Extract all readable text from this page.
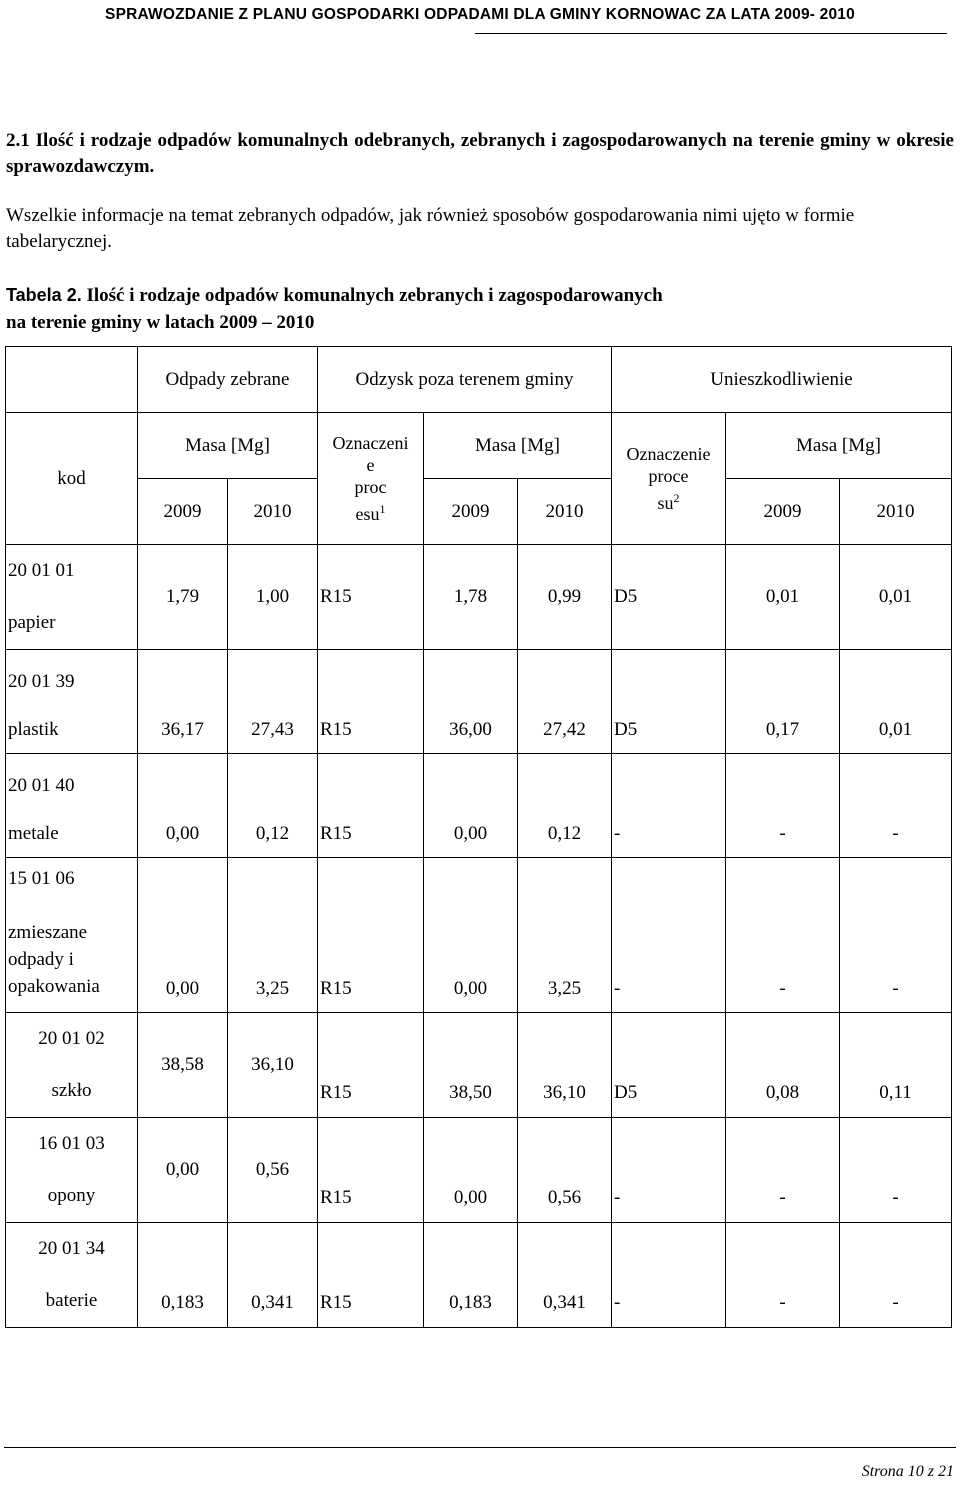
SPRAWOZDANIE Z PLANU GOSPODARKI ODPADAMI DLA GMINY KORNOWAC ZA LATA 2009- 2010
2.1 Ilość i rodzaje odpadów komunalnych odebranych, zebranych i zagospodarowanych na terenie gminy w okresie sprawozdawczym.
Wszelkie informacje na temat zebranych odpadów, jak również sposobów gospodarowania nimi ujęto w formie tabelarycznej.
Tabela 2. Ilość i rodzaje odpadów komunalnych zebranych i zagospodarowanych
na terenie gminy w latach 2009 – 2010
	Odpady zebrane		Odzysk poza terenem gminy			Unieszkodliwienie		
kod	Masa [Mg]		Oznaczeni
e
proc
esu$^1$	Masa [Mg]		Oznaczenie
proce
$su^2$	Masa [Mg]	
	2009	2010		2009	2010		2009	2010
20 01 01
papier	1,79	1,00	R15	1,78	0,99	D5	0,01	0,01

20 01 39
plastik	36,17	27,43	R15	36,00	27,42	D5	0,17	0,01

20 01 40
metale	0,00	0,12	R15	0,00	0,12	-	-	-

15 01 06
zmieszane
odpady i
opakowania	0,00	3,25	R15	0,00	3,25	-	-	-
20 01 02
szkło	38,58	36,10	R15	38,50	36,10	D5	0,08	0,11
16 01 03
opony	0,00	0,56	R15	0,00	0,56	-	-	-
20 01 34
baterie	0,183	0,341	R15	0,183	0,341	-	-	-
Strona 10 z 21
